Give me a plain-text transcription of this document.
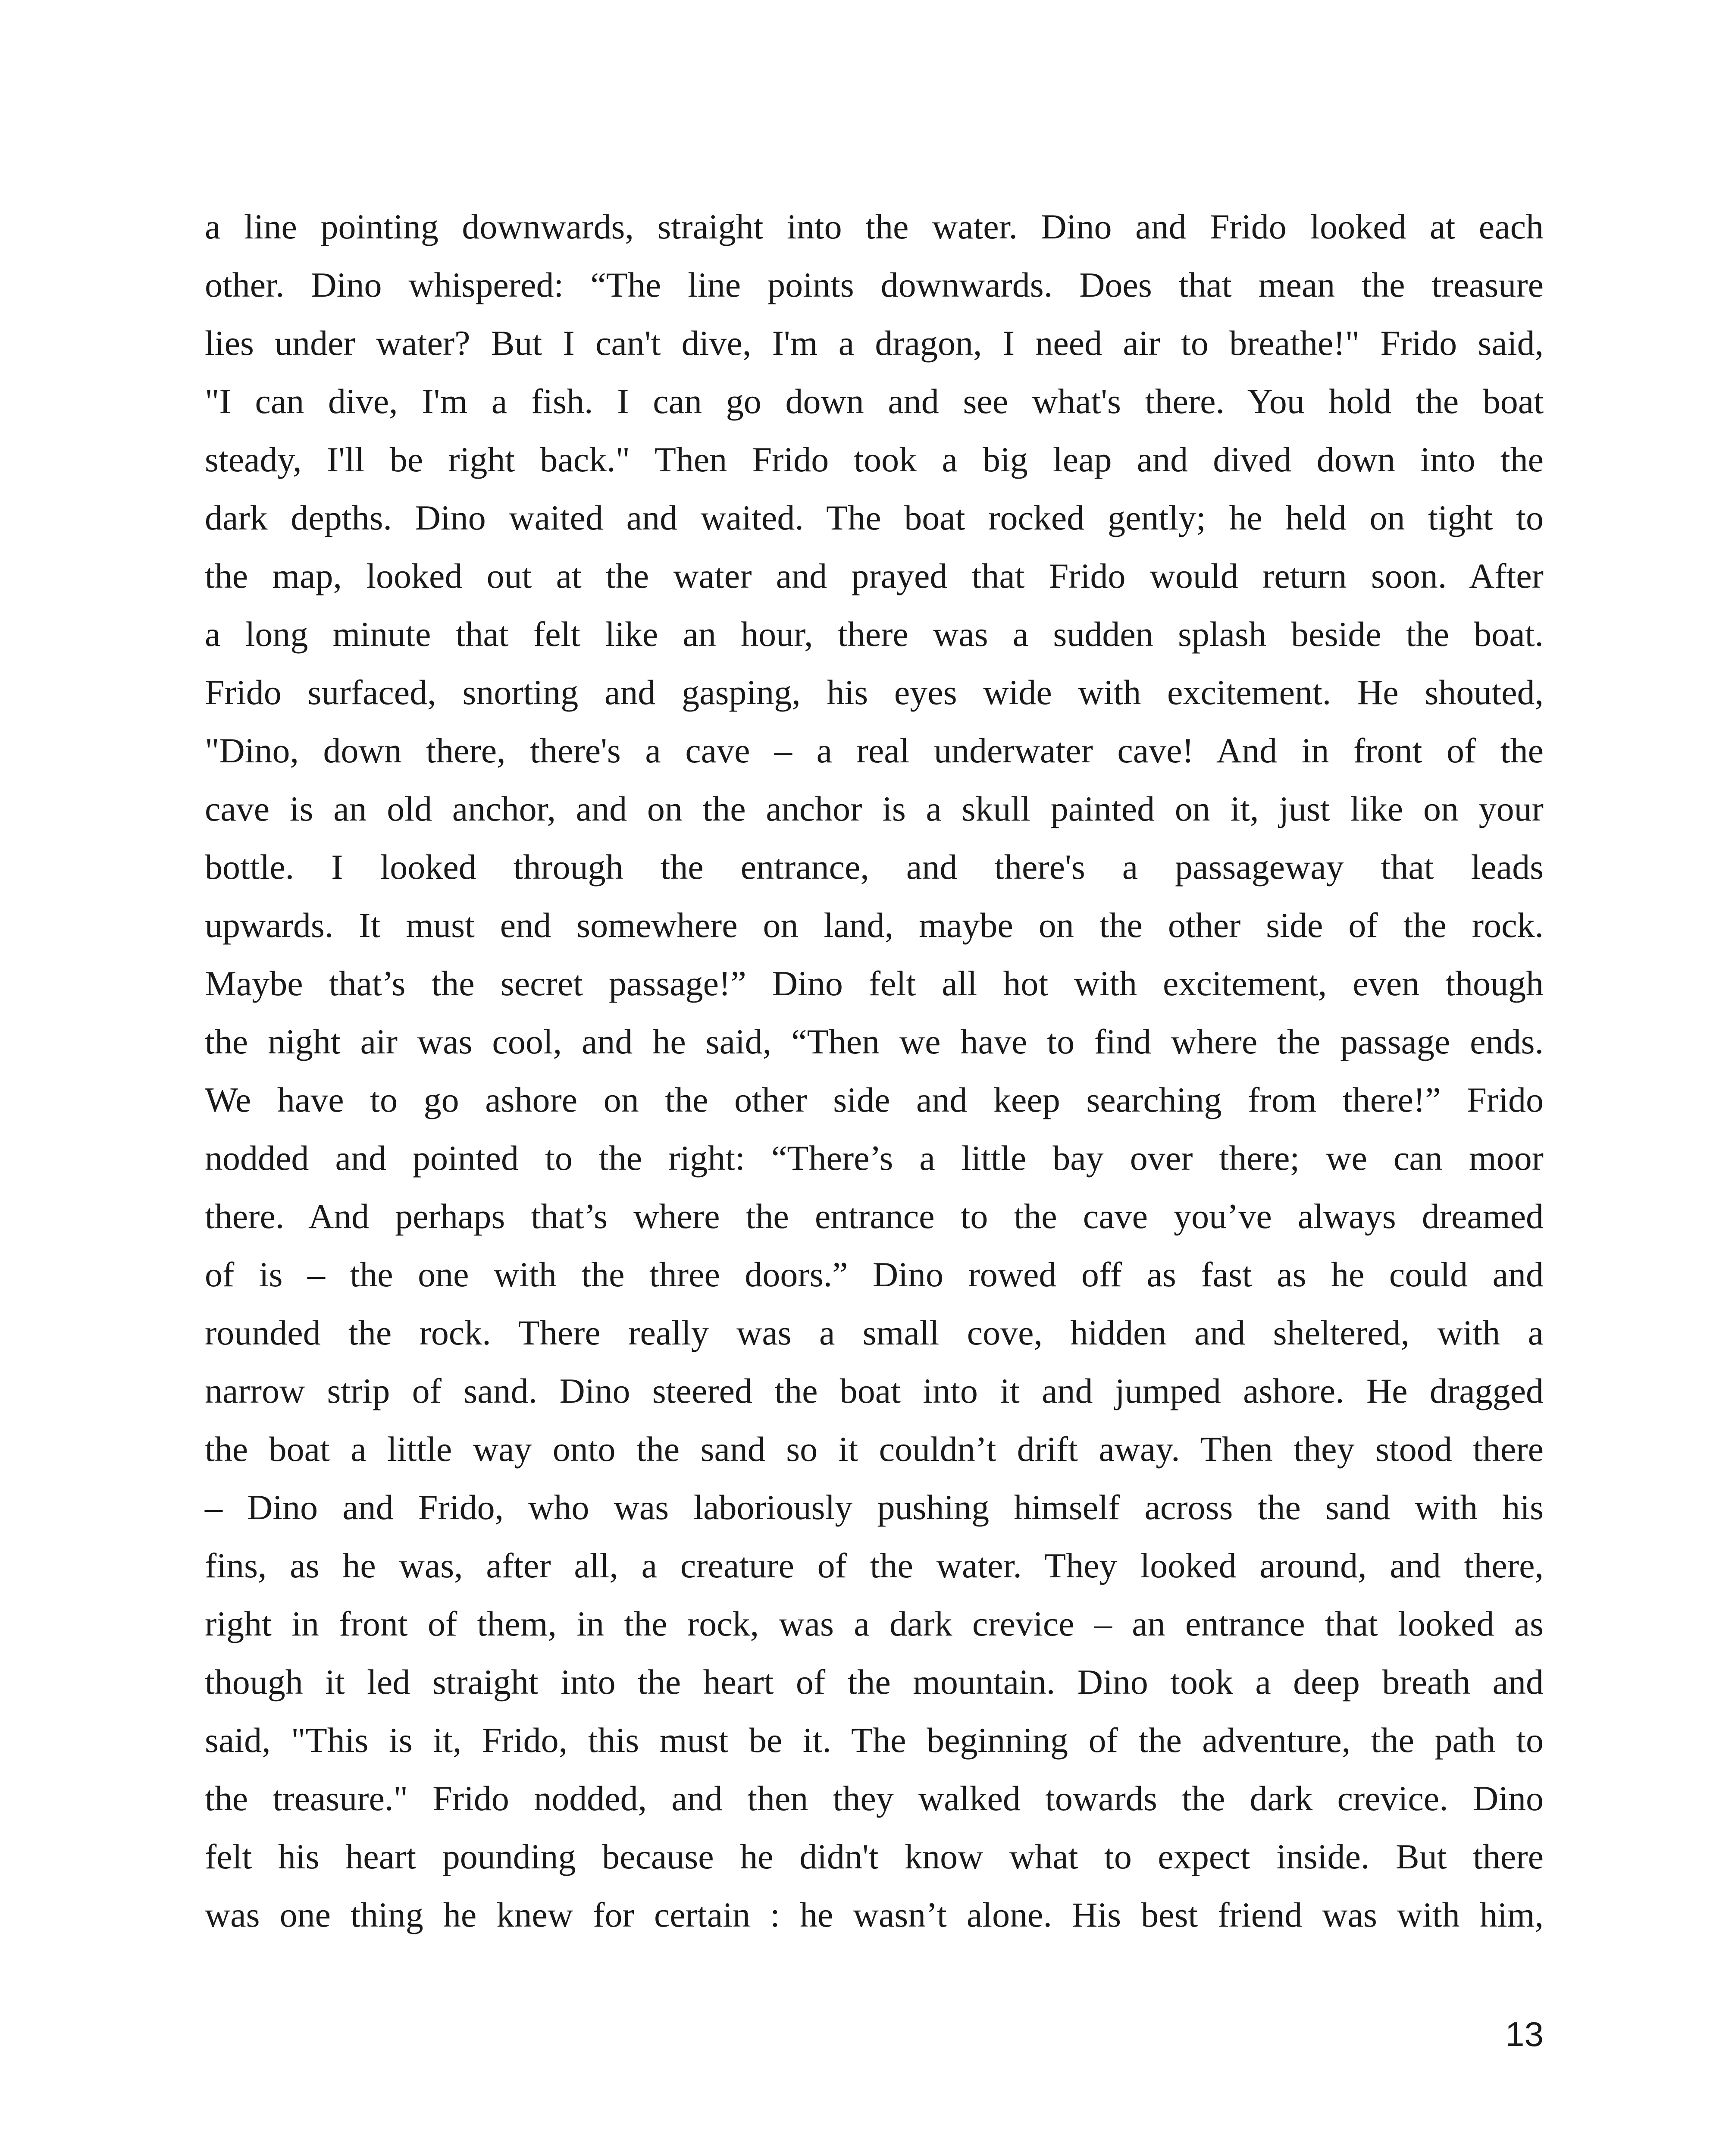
a line pointing downwards, straight into the water. Dino and Frido looked at each
other. Dino whispered: “The line points downwards. Does that mean the treasure
lies under water? But I can't dive, I'm a dragon, I need air to breathe!" Frido said,
"I can dive, I'm a fish. I can go down and see what's there. You hold the boat
steady, I'll be right back." Then Frido took a big leap and dived down into the
dark depths. Dino waited and waited. The boat rocked gently; he held on tight to
the map, looked out at the water and prayed that Frido would return soon. After
a long minute that felt like an hour, there was a sudden splash beside the boat.
Frido surfaced, snorting and gasping, his eyes wide with excitement. He shouted,
"Dino, down there, there's a cave – a real underwater cave! And in front of the
cave is an old anchor, and on the anchor is a skull painted on it, just like on your
bottle. I looked through the entrance, and there's a passageway that leads
upwards. It must end somewhere on land, maybe on the other side of the rock.
Maybe that’s the secret passage!” Dino felt all hot with excitement, even though
the night air was cool, and he said, “Then we have to find where the passage ends.
We have to go ashore on the other side and keep searching from there!” Frido
nodded and pointed to the right: “There’s a little bay over there; we can moor
there. And perhaps that’s where the entrance to the cave you’ve always dreamed
of is – the one with the three doors.” Dino rowed off as fast as he could and
rounded the rock. There really was a small cove, hidden and sheltered, with a
narrow strip of sand. Dino steered the boat into it and jumped ashore. He dragged
the boat a little way onto the sand so it couldn’t drift away. Then they stood there
– Dino and Frido, who was laboriously pushing himself across the sand with his
fins, as he was, after all, a creature of the water. They looked around, and there,
right in front of them, in the rock, was a dark crevice – an entrance that looked as
though it led straight into the heart of the mountain. Dino took a deep breath and
said, "This is it, Frido, this must be it. The beginning of the adventure, the path to
the treasure." Frido nodded, and then they walked towards the dark crevice. Dino
felt his heart pounding because he didn't know what to expect inside. But there
was one thing he knew for certain : he wasn’t alone. His best friend was with him,
13
